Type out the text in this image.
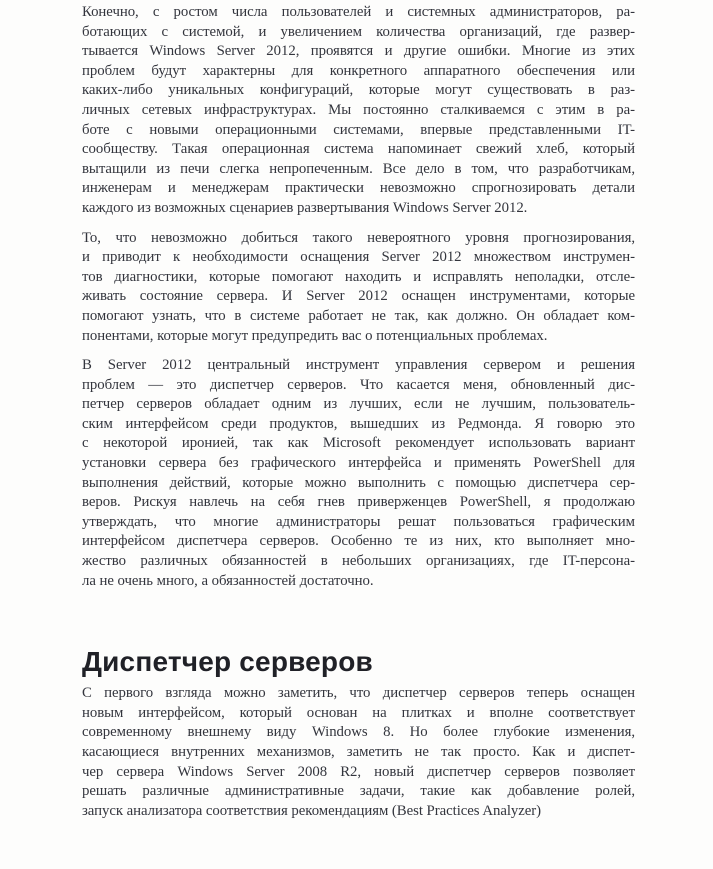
Конечно, с ростом числа пользователей и системных администраторов, ра-
ботающих с системой, и увеличением количества организаций, где развер-
тывается Windows Server 2012, проявятся и другие ошибки. Многие из этих
проблем будут характерны для конкретного аппаратного обеспечения или
каких-либо уникальных конфигураций, которые могут существовать в раз-
личных сетевых инфраструктурах. Мы постоянно сталкиваемся с этим в ра-
боте с новыми операционными системами, впервые представленными IT-
сообществу. Такая операционная система напоминает свежий хлеб, который
вытащили из печи слегка непропеченным. Все дело в том, что разработчикам,
инженерам и менеджерам практически невозможно спрогнозировать детали
каждого из возможных сценариев развертывания Windows Server 2012.
То, что невозможно добиться такого невероятного уровня прогнозирования,
и приводит к необходимости оснащения Server 2012 множеством инструмен-
тов диагностики, которые помогают находить и исправлять неполадки, отсле-
живать состояние сервера. И Server 2012 оснащен инструментами, которые
помогают узнать, что в системе работает не так, как должно. Он обладает ком-
понентами, которые могут предупредить вас о потенциальных проблемах.
В Server 2012 центральный инструмент управления сервером и решения
проблем — это диспетчер серверов. Что касается меня, обновленный дис-
петчер серверов обладает одним из лучших, если не лучшим, пользователь-
ским интерфейсом среди продуктов, вышедших из Редмонда. Я говорю это
с некоторой иронией, так как Microsoft рекомендует использовать вариант
установки сервера без графического интерфейса и применять PowerShell для
выполнения действий, которые можно выполнить с помощью диспетчера сер-
веров. Рискуя навлечь на себя гнев приверженцев PowerShell, я продолжаю
утверждать, что многие администраторы решат пользоваться графическим
интерфейсом диспетчера серверов. Особенно те из них, кто выполняет мно-
жество различных обязанностей в небольших организациях, где IT-персона-
ла не очень много, а обязанностей достаточно.
Диспетчер серверов
С первого взгляда можно заметить, что диспетчер серверов теперь оснащен
новым интерфейсом, который основан на плитках и вполне соответствует
современному внешнему виду Windows 8. Но более глубокие изменения,
касающиеся внутренних механизмов, заметить не так просто. Как и диспет-
чер сервера Windows Server 2008 R2, новый диспетчер серверов позволяет
решать различные административные задачи, такие как добавление ролей,
запуск анализатора соответствия рекомендациям (Best Practices Analyzer)
